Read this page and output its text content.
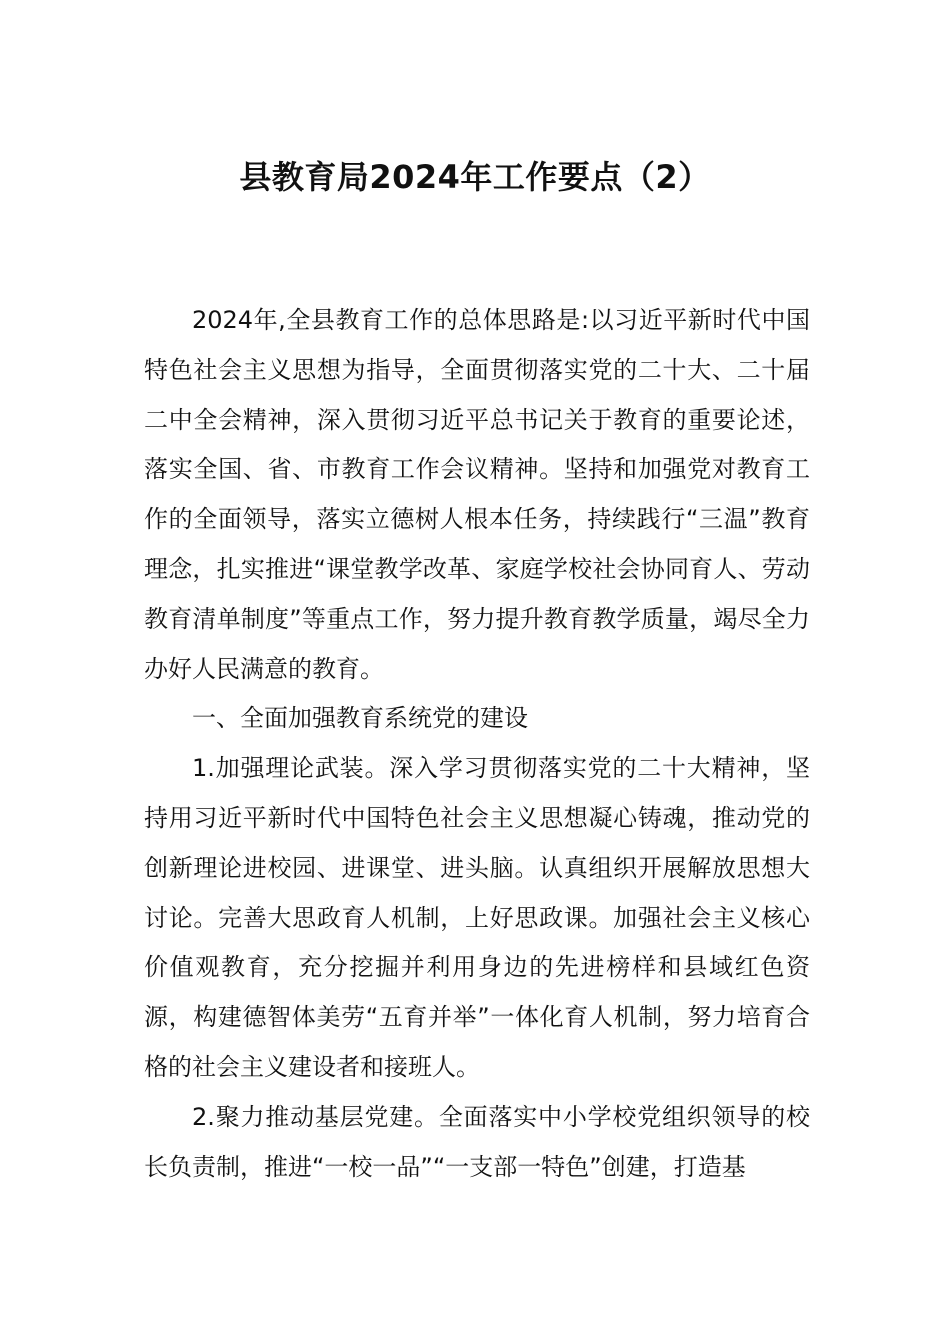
县教育局2024年工作要点（2）

2024年,全县教育工作的总体思路是:以习近平新时代中国特色社会主义思想为指导，全面贯彻落实党的二十大、二十届二中全会精神，深入贯彻习近平总书记关于教育的重要论述，落实全国、省、市教育工作会议精神。坚持和加强党对教育工作的全面领导，落实立德树人根本任务，持续践行“三温”教育理念，扎实推进“课堂教学改革、家庭学校社会协同育人、劳动教育清单制度”等重点工作，努力提升教育教学质量，竭尽全力办好人民满意的教育。

一、全面加强教育系统党的建设

1.加强理论武装。深入学习贯彻落实党的二十大精神，坚持用习近平新时代中国特色社会主义思想凝心铸魂，推动党的创新理论进校园、进课堂、进头脑。认真组织开展解放思想大讨论。完善大思政育人机制，上好思政课。加强社会主义核心价值观教育，充分挖掘并利用身边的先进榜样和县域红色资源，构建德智体美劳“五育并举”一体化育人机制，努力培育合格的社会主义建设者和接班人。

2.聚力推动基层党建。全面落实中小学校党组织领导的校长负责制，推进“一校一品”“一支部一特色”创建，打造基
